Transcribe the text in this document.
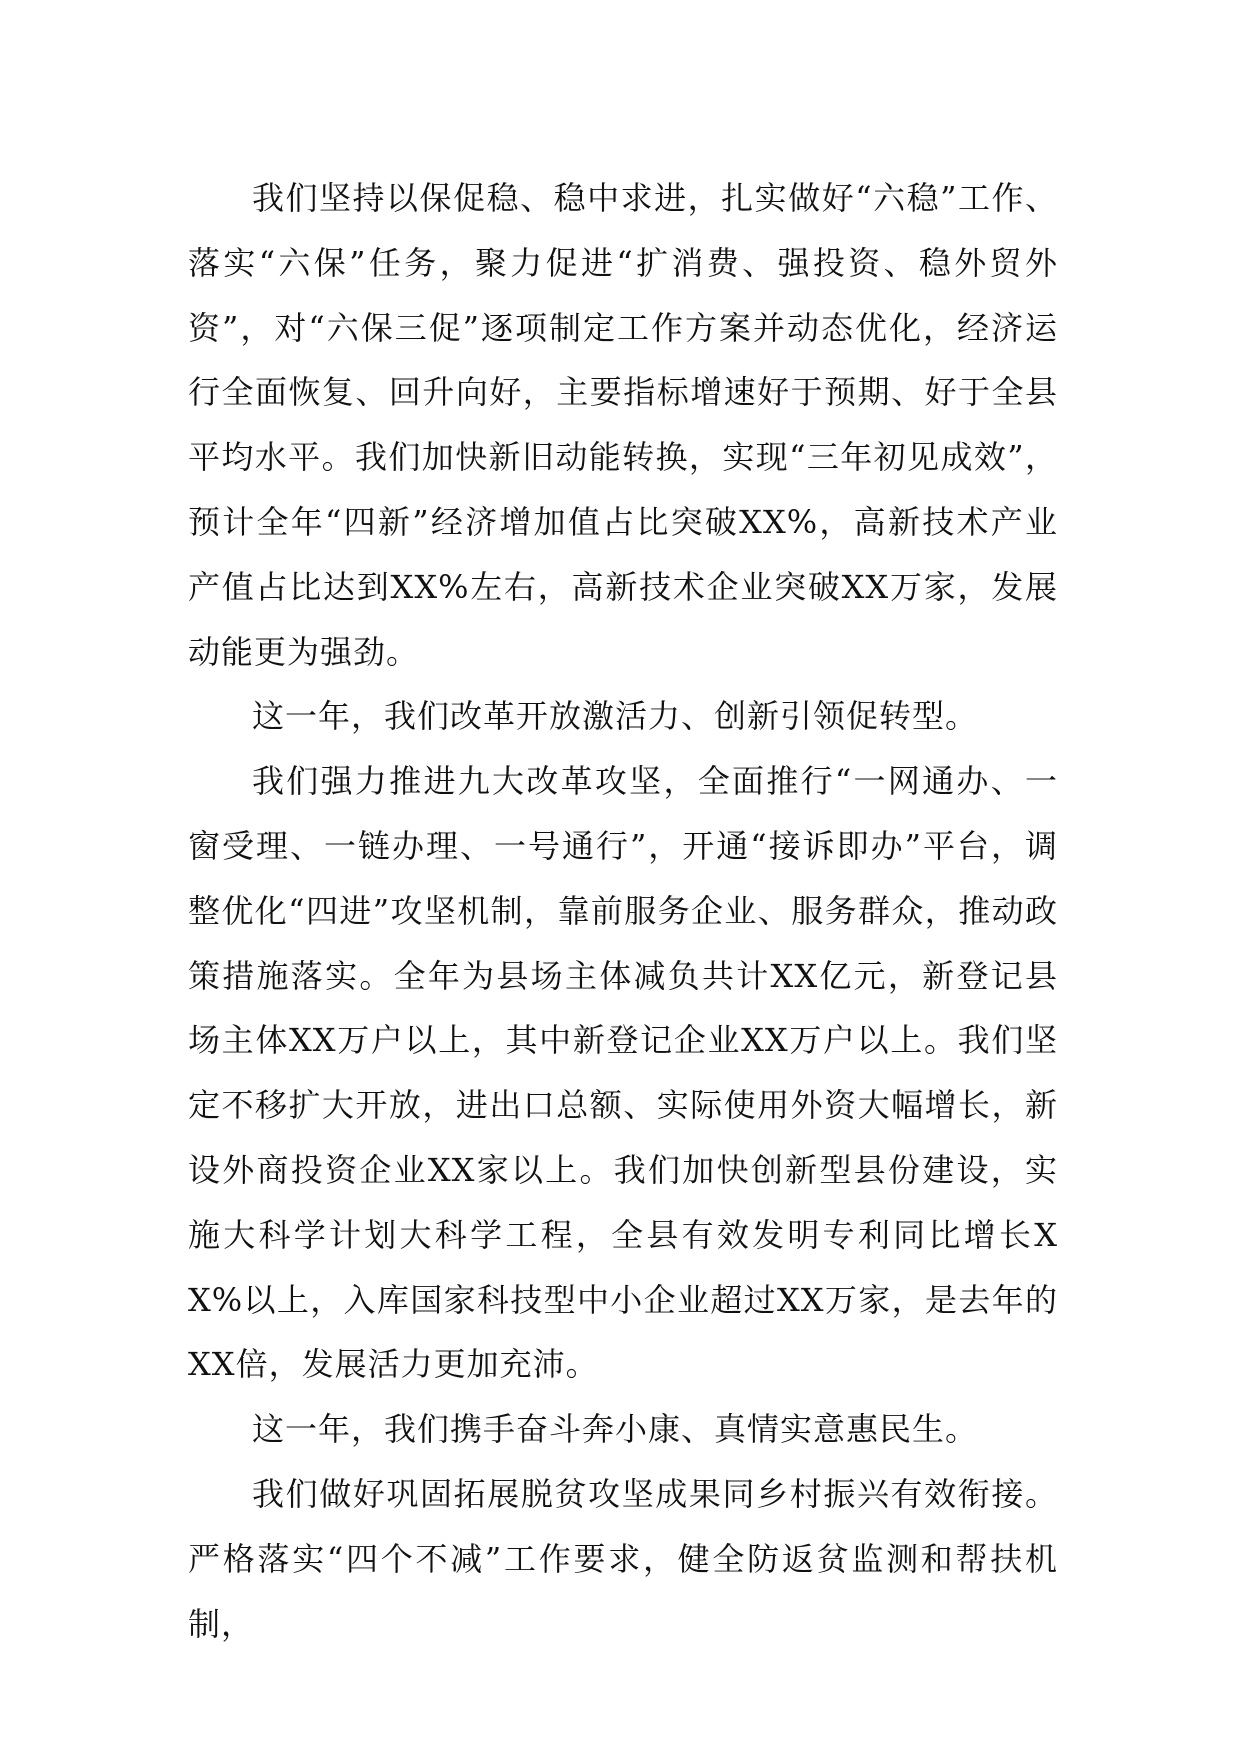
我们坚持以保促稳、稳中求进，扎实做好“六稳”工作、落实“六保”任务，聚力促进“扩消费、强投资、稳外贸外资”，对“六保三促”逐项制定工作方案并动态优化，经济运行全面恢复、回升向好，主要指标增速好于预期、好于全县平均水平。我们加快新旧动能转换，实现“三年初见成效”，预计全年“四新”经济增加值占比突破XX%，高新技术产业产值占比达到XX%左右，高新技术企业突破XX万家，发展动能更为强劲。

这一年，我们改革开放激活力、创新引领促转型。

我们强力推进九大改革攻坚，全面推行“一网通办、一窗受理、一链办理、一号通行”，开通“接诉即办”平台，调整优化“四进”攻坚机制，靠前服务企业、服务群众，推动政策措施落实。全年为县场主体减负共计XX亿元，新登记县场主体XX万户以上，其中新登记企业XX万户以上。我们坚定不移扩大开放，进出口总额、实际使用外资大幅增长，新设外商投资企业XX家以上。我们加快创新型县份建设，实施大科学计划大科学工程，全县有效发明专利同比增长XX%以上，入库国家科技型中小企业超过XX万家，是去年的XX倍，发展活力更加充沛。

这一年，我们携手奋斗奔小康、真情实意惠民生。

我们做好巩固拓展脱贫攻坚成果同乡村振兴有效衔接。严格落实“四个不减”工作要求，健全防返贫监测和帮扶机制，
